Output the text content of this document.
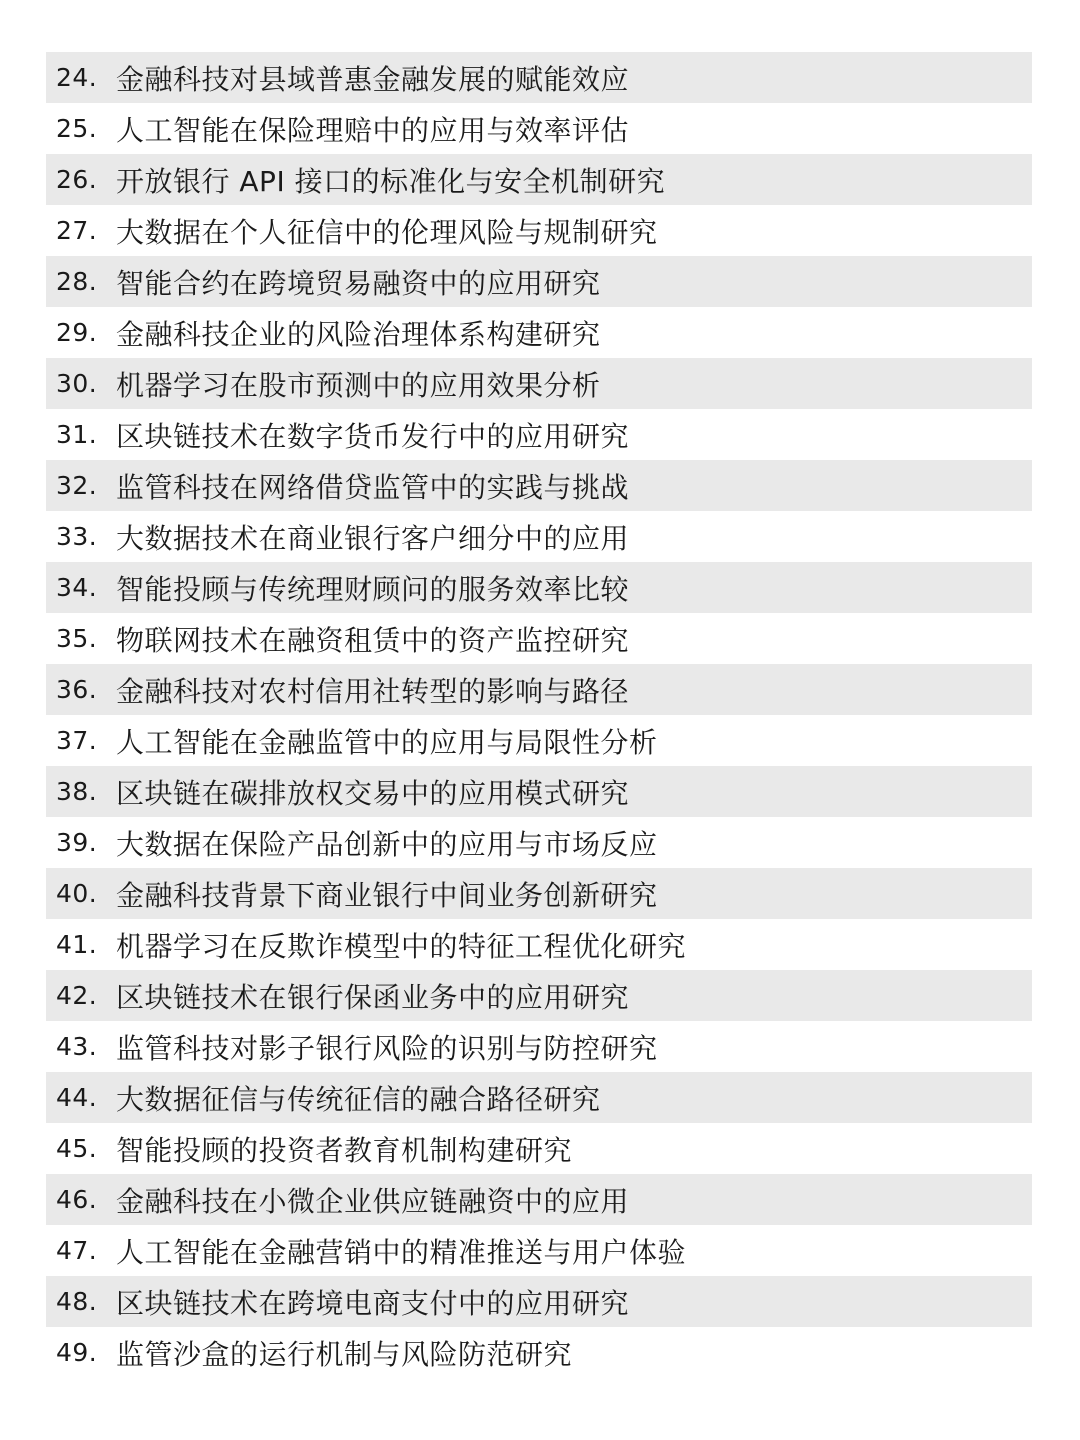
24. 金融科技对县域普惠金融发展的赋能效应
25. 人工智能在保险理赔中的应用与效率评估
26. 开放银行 API 接口的标准化与安全机制研究
27. 大数据在个人征信中的伦理风险与规制研究
28. 智能合约在跨境贸易融资中的应用研究
29. 金融科技企业的风险治理体系构建研究
30. 机器学习在股市预测中的应用效果分析
31. 区块链技术在数字货币发行中的应用研究
32. 监管科技在网络借贷监管中的实践与挑战
33. 大数据技术在商业银行客户细分中的应用
34. 智能投顾与传统理财顾问的服务效率比较
35. 物联网技术在融资租赁中的资产监控研究
36. 金融科技对农村信用社转型的影响与路径
37. 人工智能在金融监管中的应用与局限性分析
38. 区块链在碳排放权交易中的应用模式研究
39. 大数据在保险产品创新中的应用与市场反应
40. 金融科技背景下商业银行中间业务创新研究
41. 机器学习在反欺诈模型中的特征工程优化研究
42. 区块链技术在银行保函业务中的应用研究
43. 监管科技对影子银行风险的识别与防控研究
44. 大数据征信与传统征信的融合路径研究
45. 智能投顾的投资者教育机制构建研究
46. 金融科技在小微企业供应链融资中的应用
47. 人工智能在金融营销中的精准推送与用户体验
48. 区块链技术在跨境电商支付中的应用研究
49. 监管沙盒的运行机制与风险防范研究
